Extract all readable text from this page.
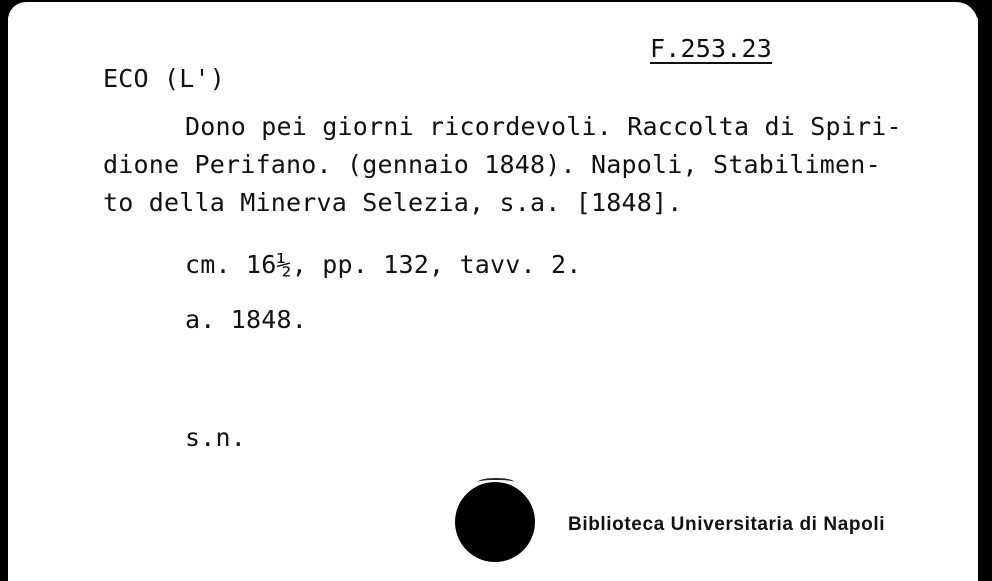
F.253.23
ECO (L')
Dono pei giorni ricordevoli. Raccolta di Spiri-
dione Perifano. (gennaio 1848). Napoli, Stabilimen-
to della Minerva Selezia, s.a. [1848].
cm. 16½, pp. 132, tavv. 2.
a. 1848.
s.n.
Biblioteca Universitaria di Napoli
